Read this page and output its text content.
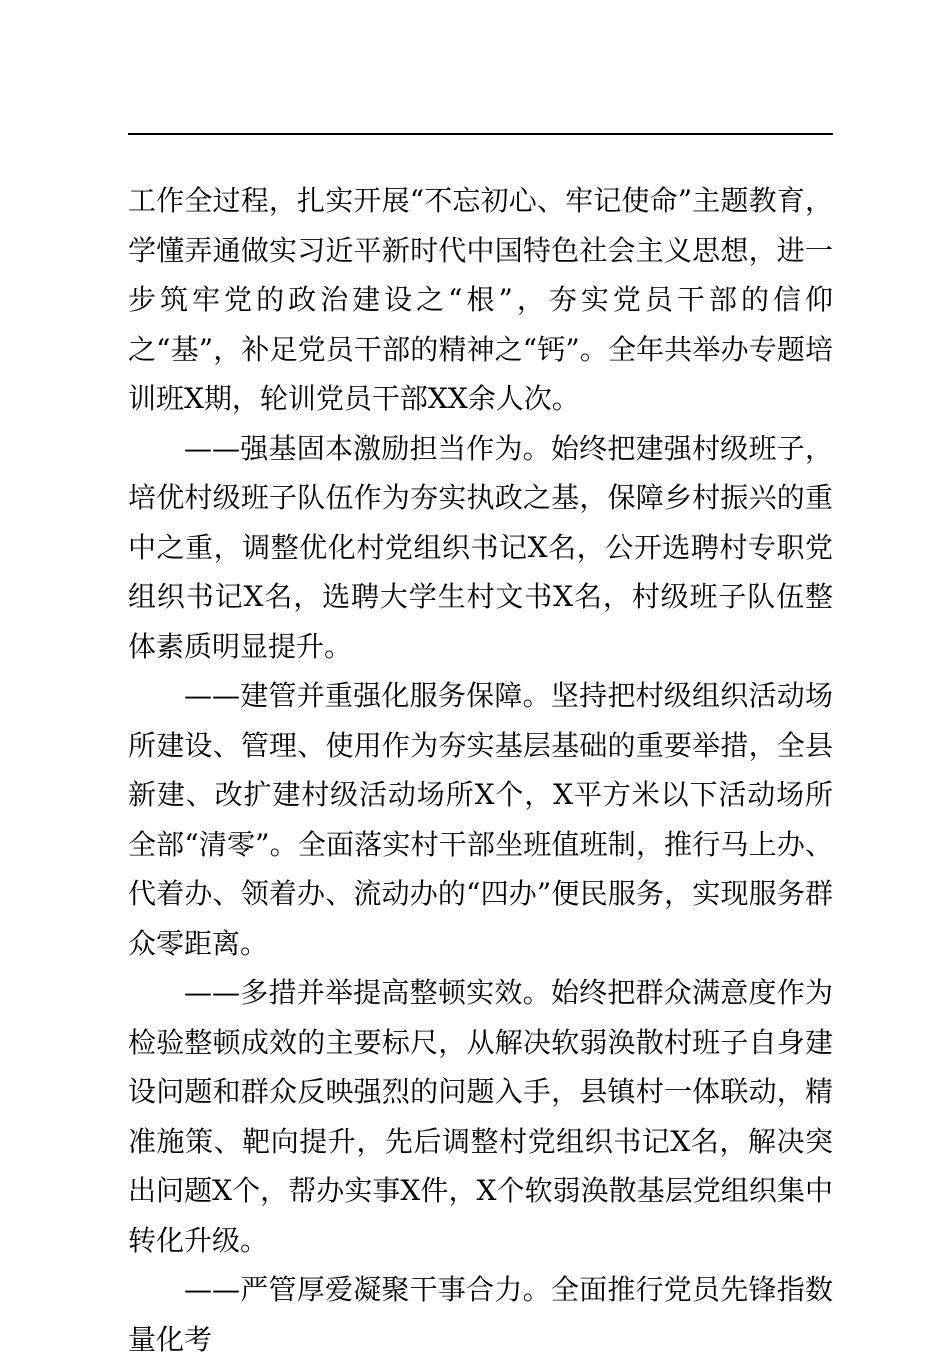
工作全过程，扎实开展“不忘初心、牢记使命”主题教育，学懂弄通做实习近平新时代中国特色社会主义思想，进一步筑牢党的政治建设之“根”，夯实党员干部的信仰之“基”，补足党员干部的精神之“钙”。全年共举办专题培训班X期，轮训党员干部XX余人次。

——强基固本激励担当作为。始终把建强村级班子，培优村级班子队伍作为夯实执政之基，保障乡村振兴的重中之重，调整优化村党组织书记X名，公开选聘村专职党组织书记X名，选聘大学生村文书X名，村级班子队伍整体素质明显提升。

——建管并重强化服务保障。坚持把村级组织活动场所建设、管理、使用作为夯实基层基础的重要举措，全县新建、改扩建村级活动场所X个，X平方米以下活动场所全部“清零”。全面落实村干部坐班值班制，推行马上办、代着办、领着办、流动办的“四办”便民服务，实现服务群众零距离。

——多措并举提高整顿实效。始终把群众满意度作为检验整顿成效的主要标尺，从解决软弱涣散村班子自身建设问题和群众反映强烈的问题入手，县镇村一体联动，精准施策、靶向提升，先后调整村党组织书记X名，解决突出问题X个，帮办实事X件，X个软弱涣散基层党组织集中转化升级。

——严管厚爱凝聚干事合力。全面推行党员先锋指数量化考
